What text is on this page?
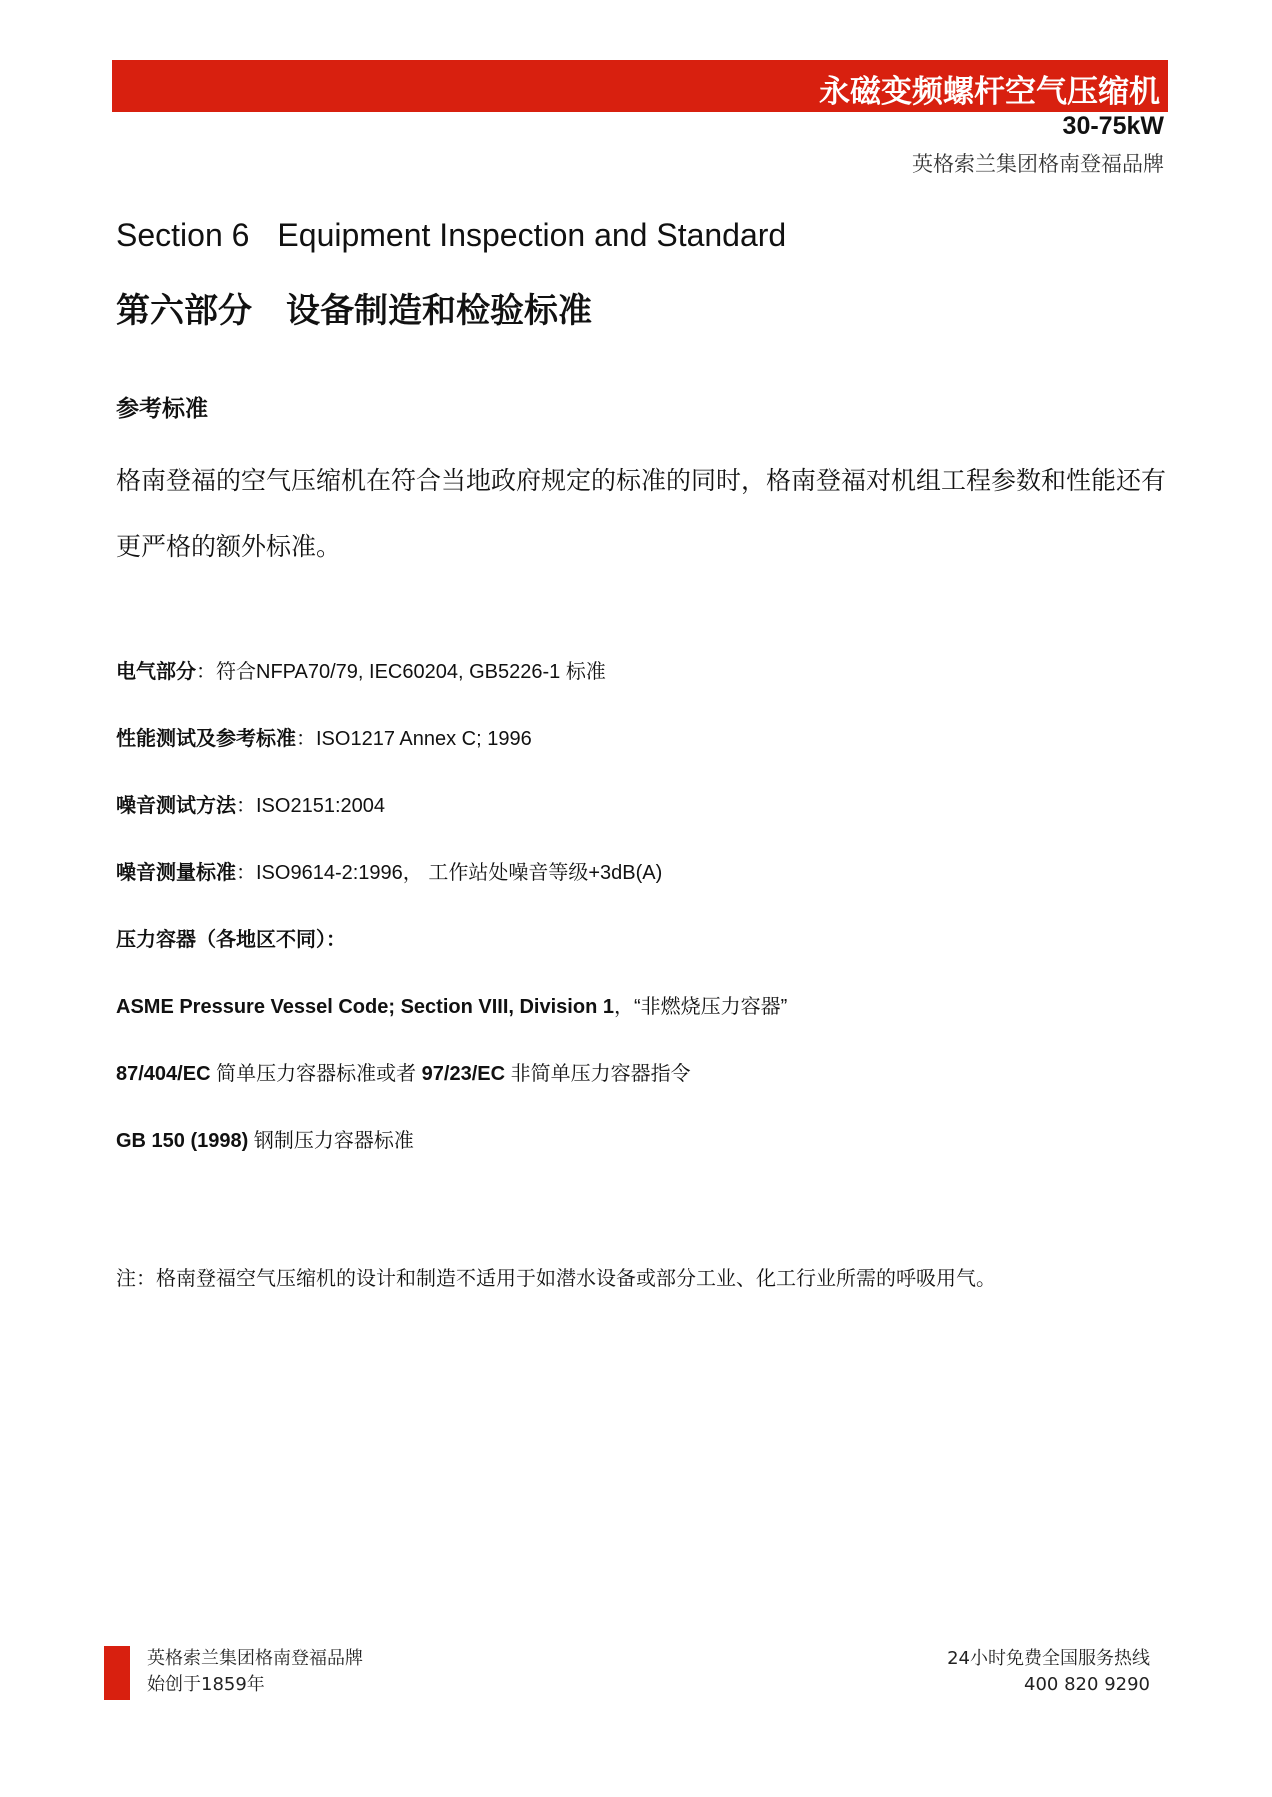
永磁变频螺杆空气压缩机
30-75kW
英格索兰集团格南登福品牌
Section 6 Equipment Inspection and Standard
第六部分 设备制造和检验标准
参考标准
格南登福的空气压缩机在符合当地政府规定的标准的同时，格南登福对机组工程参数和性能还有更严格的额外标准。
电气部分：符合NFPA70/79, IEC60204, GB5226-1 标准
性能测试及参考标准：ISO1217 Annex C; 1996
噪音测试方法：ISO2151:2004
噪音测量标准：ISO9614-2:1996， 工作站处噪音等级+3dB(A)
压力容器（各地区不同）：
ASME Pressure Vessel Code; Section VIII, Division 1，“非燃烧压力容器”
87/404/EC 简单压力容器标准或者 97/23/EC 非简单压力容器指令
GB 150 (1998) 钢制压力容器标准
注：格南登福空气压缩机的设计和制造不适用于如潜水设备或部分工业、化工行业所需的呼吸用气。
英格索兰集团格南登福品牌
始创于1859年
24小时免费全国服务热线
400 820 9290
